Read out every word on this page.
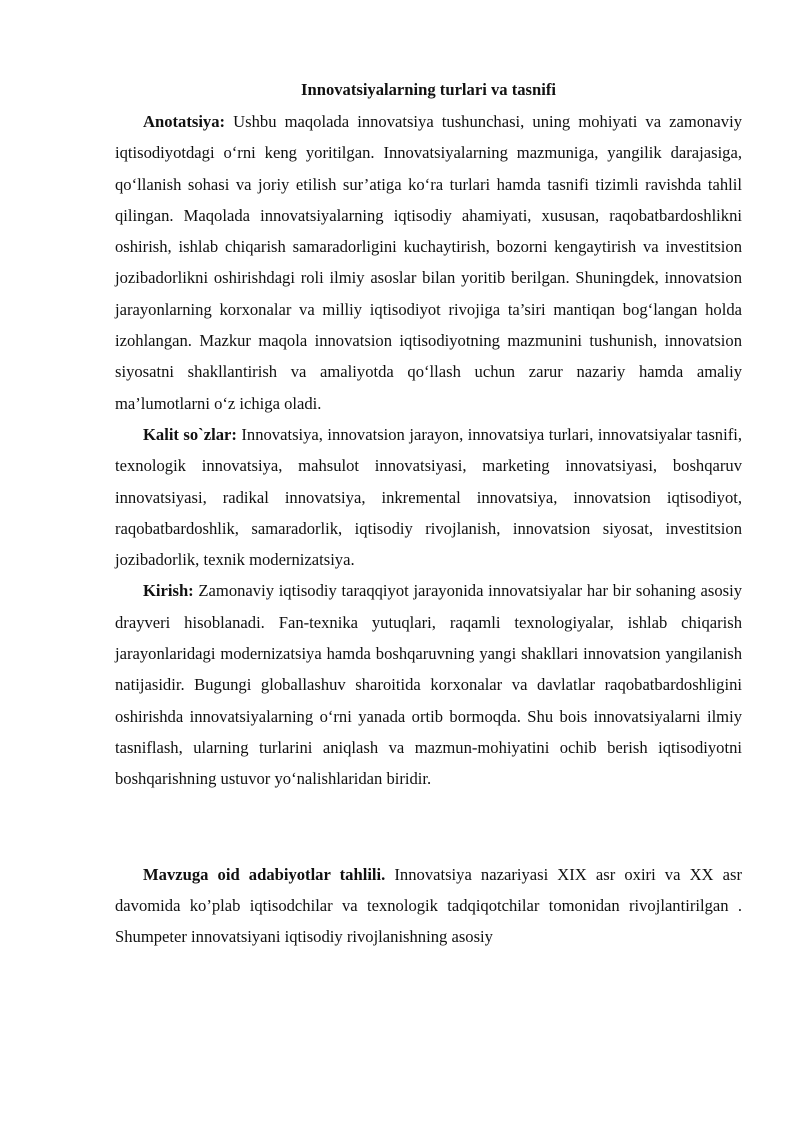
Innovatsiyalarning turlari va tasnifi

Anotatsiya: Ushbu maqolada innovatsiya tushunchasi, uning mohiyati va zamonaviy iqtisodiyotdagi o‘rni keng yoritilgan. Innovatsiyalarning mazmuniga, yangilik darajasiga, qo‘llanish sohasi va joriy etilish sur’atiga ko‘ra turlari hamda tasnifi tizimli ravishda tahlil qilingan. Maqolada innovatsiyalarning iqtisodiy ahamiyati, xususan, raqobatbardoshlikni oshirish, ishlab chiqarish samaradorligini kuchaytirish, bozorni kengaytirish va investitsion jozibadorlikni oshirishdagi roli ilmiy asoslar bilan yoritib berilgan. Shuningdek, innovatsion jarayonlarning korxonalar va milliy iqtisodiyot rivojiga ta’siri mantiqan bog‘langan holda izohlangan. Mazkur maqola innovatsion iqtisodiyotning mazmunini tushunish, innovatsion siyosatni shakllantirish va amaliyotda qo‘llash uchun zarur nazariy hamda amaliy ma’lumotlarni o‘z ichiga oladi.

Kalit so`zlar: Innovatsiya, innovatsion jarayon, innovatsiya turlari, innovatsiyalar tasnifi, texnologik innovatsiya, mahsulot innovatsiyasi, marketing innovatsiyasi, boshqaruv innovatsiyasi, radikal innovatsiya, inkremental innovatsiya, innovatsion iqtisodiyot, raqobatbardoshlik, samaradorlik, iqtisodiy rivojlanish, innovatsion siyosat, investitsion jozibadorlik, texnik modernizatsiya.

Kirish: Zamonaviy iqtisodiy taraqqiyot jarayonida innovatsiyalar har bir sohaning asosiy drayveri hisoblanadi. Fan-texnika yutuqlari, raqamli texnologiyalar, ishlab chiqarish jarayonlaridagi modernizatsiya hamda boshqaruvning yangi shakllari innovatsion yangilanish natijasidir. Bugungi globallashuv sharoitida korxonalar va davlatlar raqobatbardoshligini oshirishda innovatsiyalarning o‘rni yanada ortib bormoqda. Shu bois innovatsiyalarni ilmiy tasniflash, ularning turlarini aniqlash va mazmun-mohiyatini ochib berish iqtisodiyotni boshqarishning ustuvor yo‘nalishlaridan biridir.

Mavzuga oid adabiyotlar tahlili. Innovatsiya nazariyasi XIX asr oxiri va XX asr davomida ko’plab iqtisodchilar va texnologik tadqiqotchilar tomonidan rivojlantirilgan . Shumpeter innovatsiyani iqtisodiy rivojlanishning asosiy
